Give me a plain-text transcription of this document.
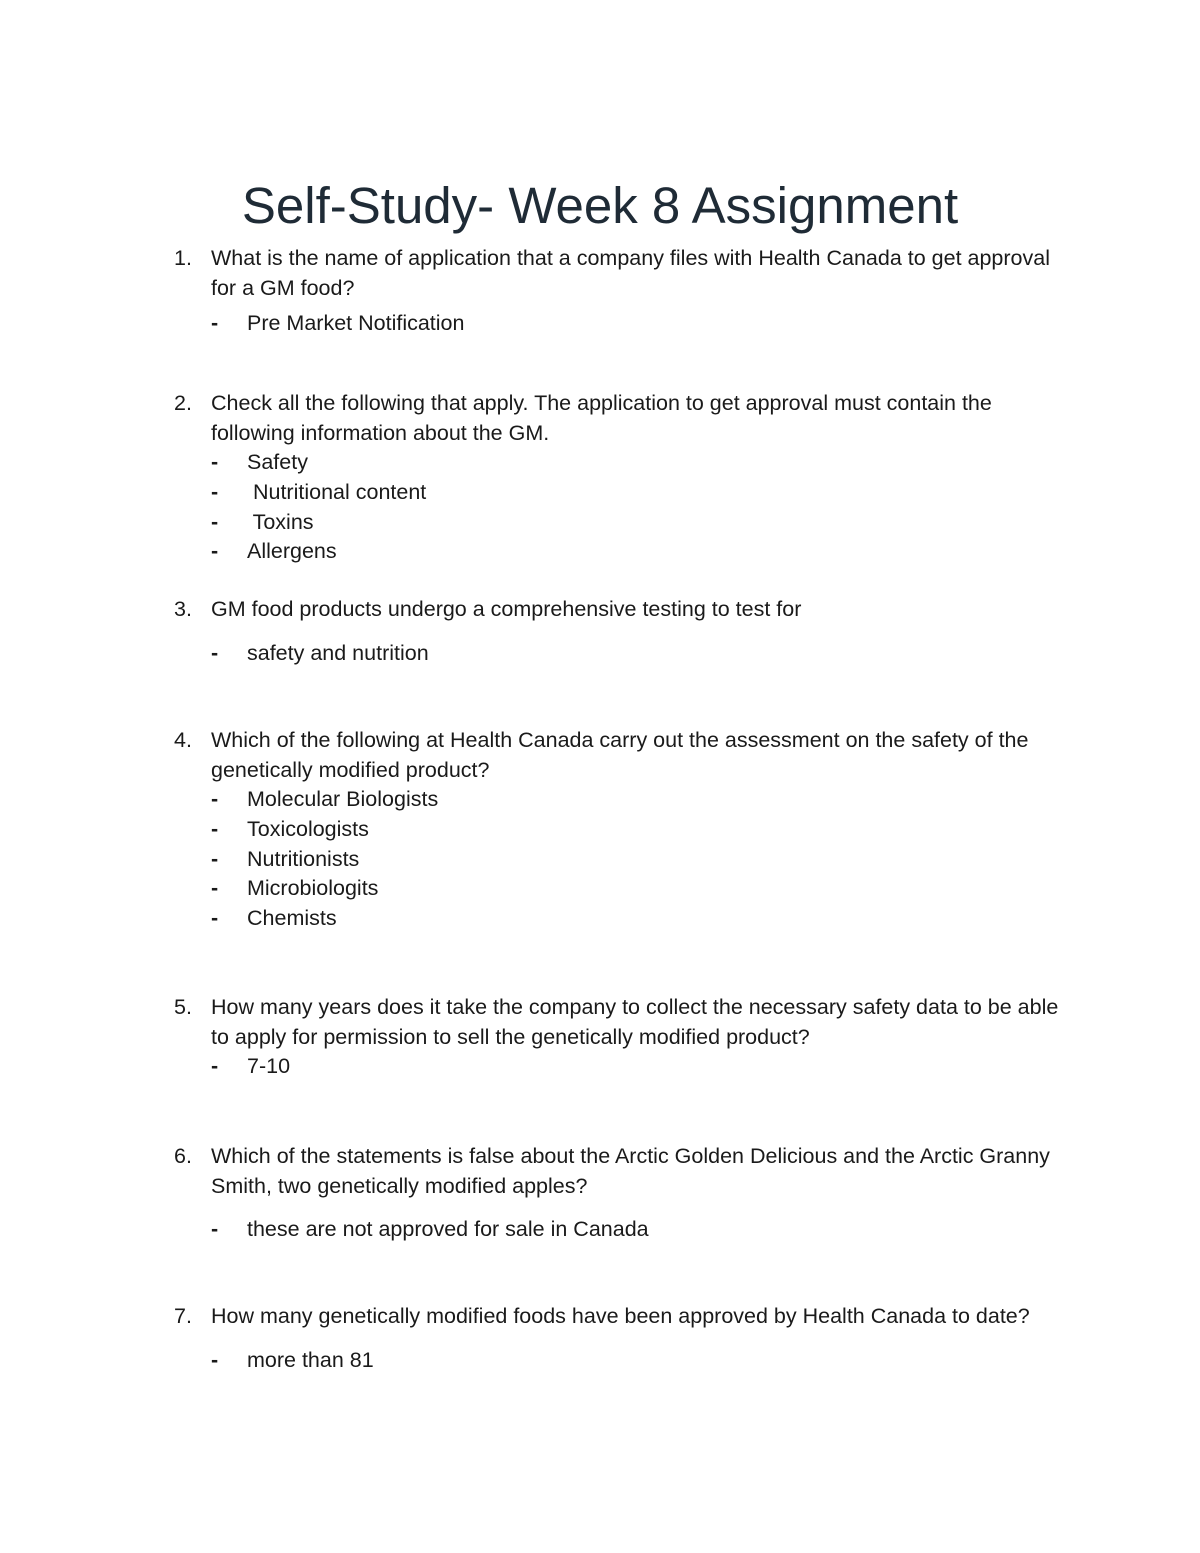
Self-Study- Week 8 Assignment
1. What is the name of application that a company files with Health Canada to get approval for a GM food?
- Pre Market Notification
2. Check all the following that apply. The application to get approval must contain the following information about the GM.
- Safety
- Nutritional content
- Toxins
- Allergens
3. GM food products undergo a comprehensive testing to test for
- safety and nutrition
4. Which of the following at Health Canada carry out the assessment on the safety of the genetically modified product?
- Molecular Biologists
- Toxicologists
- Nutritionists
- Microbiologits
- Chemists
5. How many years does it take the company to collect the necessary safety data to be able to apply for permission to sell the genetically modified product?
- 7-10
6. Which of the statements is false about the Arctic Golden Delicious and the Arctic Granny Smith, two genetically modified apples?
- these are not approved for sale in Canada
7. How many genetically modified foods have been approved by Health Canada to date?
- more than 81
